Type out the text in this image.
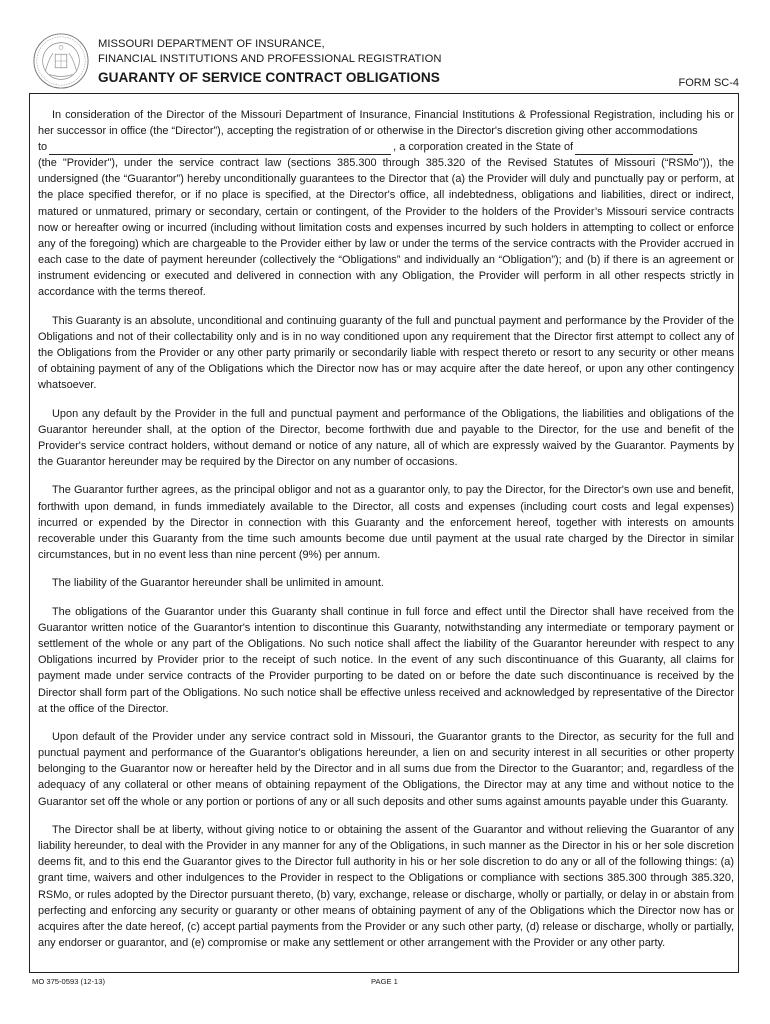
MISSOURI DEPARTMENT OF INSURANCE,
FINANCIAL INSTITUTIONS AND PROFESSIONAL REGISTRATION
GUARANTY OF SERVICE CONTRACT OBLIGATIONS	FORM SC-4

In consideration of the Director of the Missouri Department of Insurance, Financial Institutions & Professional Registration, including his or her successor in office (the “Director”), accepting the registration of or otherwise in the Director's discretion giving other accommodations

to	, a corporation created in the State of

(the "Provider"), under the service contract law (sections 385.300 through 385.320 of the Revised Statutes of Missouri (“RSMo”)), the undersigned (the “Guarantor”) hereby unconditionally guarantees to the Director that (a) the Provider will duly and punctually pay or perform, at the place specified therefor, or if no place is specified, at the Director's office, all indebtedness, obligations and liabilities, direct or indirect, matured or unmatured, primary or secondary, certain or contingent, of the Provider to the holders of the Provider’s Missouri service contracts now or hereafter owing or incurred (including without limitation costs and expenses incurred by such holders in attempting to collect or enforce any of the foregoing) which are chargeable to the Provider either by law or under the terms of the service contracts with the Provider accrued in each case to the date of payment hereunder (collectively the “Obligations” and individually an “Obligation”); and (b) if there is an agreement or instrument evidencing or executed and delivered in connection with any Obligation, the Provider will perform in all other respects strictly in accordance with the terms thereof.

This Guaranty is an absolute, unconditional and continuing guaranty of the full and punctual payment and performance by the Provider of the Obligations and not of their collectability only and is in no way conditioned upon any requirement that the Director first attempt to collect any of the Obligations from the Provider or any other party primarily or secondarily liable with respect thereto or resort to any security or other means of obtaining payment of any of the Obligations which the Director now has or may acquire after the date hereof, or upon any other contingency whatsoever.

Upon any default by the Provider in the full and punctual payment and performance of the Obligations, the liabilities and obligations of the Guarantor hereunder shall, at the option of the Director, become forthwith due and payable to the Director, for the use and benefit of the Provider's service contract holders, without demand or notice of any nature, all of which are expressly waived by the Guarantor. Payments by the Guarantor hereunder may be required by the Director on any number of occasions.

The Guarantor further agrees, as the principal obligor and not as a guarantor only, to pay the Director, for the Director's own use and benefit, forthwith upon demand, in funds immediately available to the Director, all costs and expenses (including court costs and legal expenses) incurred or expended by the Director in connection with this Guaranty and the enforcement hereof, together with interests on amounts recoverable under this Guaranty from the time such amounts become due until payment at the usual rate charged by the Director in similar circumstances, but in no event less than nine percent (9%) per annum.

The liability of the Guarantor hereunder shall be unlimited in amount.

The obligations of the Guarantor under this Guaranty shall continue in full force and effect until the Director shall have received from the Guarantor written notice of the Guarantor's intention to discontinue this Guaranty, notwithstanding any intermediate or temporary payment or settlement of the whole or any part of the Obligations. No such notice shall affect the liability of the Guarantor hereunder with respect to any Obligations incurred by Provider prior to the receipt of such notice. In the event of any such discontinuance of this Guaranty, all claims for payment made under service contracts of the Provider purporting to be dated on or before the date such discontinuance is received by the Director shall form part of the Obligations. No such notice shall be effective unless received and acknowledged by representative of the Director at the office of the Director.

Upon default of the Provider under any service contract sold in Missouri, the Guarantor grants to the Director, as security for the full and punctual payment and performance of the Guarantor's obligations hereunder, a lien on and security interest in all securities or other property belonging to the Guarantor now or hereafter held by the Director and in all sums due from the Director to the Guarantor; and, regardless of the adequacy of any collateral or other means of obtaining repayment of the Obligations, the Director may at any time and without notice to the Guarantor set off the whole or any portion or portions of any or all such deposits and other sums against amounts payable under this Guaranty.

The Director shall be at liberty, without giving notice to or obtaining the assent of the Guarantor and without relieving the Guarantor of any liability hereunder, to deal with the Provider in any manner for any of the Obligations, in such manner as the Director in his or her sole discretion deems fit, and to this end the Guarantor gives to the Director full authority in his or her sole discretion to do any or all of the following things: (a) grant time, waivers and other indulgences to the Provider in respect to the Obligations or compliance with sections 385.300 through 385.320, RSMo, or rules adopted by the Director pursuant thereto, (b) vary, exchange, release or discharge, wholly or partially, or delay in or abstain from perfecting and enforcing any security or guaranty or other means of obtaining payment of any of the Obligations which the Director now has or acquires after the date hereof, (c) accept partial payments from the Provider or any such other party, (d) release or discharge, wholly or partially, any endorser or guarantor, and (e) compromise or make any settlement or other arrangement with the Provider or any other party.

MO 375-0593 (12-13)	PAGE 1
